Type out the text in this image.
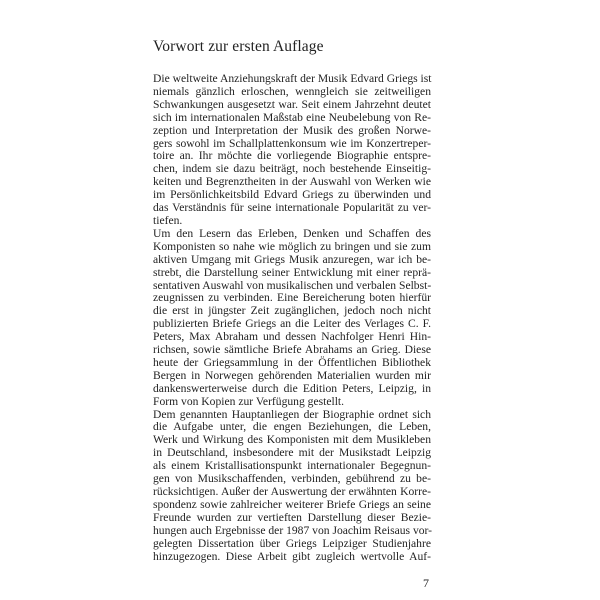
Vorwort zur ersten Auflage
Die weltweite Anziehungskraft der Musik Edvard Griegs ist
niemals gänzlich erloschen, wenngleich sie zeitweiligen
Schwankungen ausgesetzt war. Seit einem Jahrzehnt deutet
sich im internationalen Maßstab eine Neubelebung von Re-
zeption und Interpretation der Musik des großen Norwe-
gers sowohl im Schallplattenkonsum wie im Konzertreper-
toire an. Ihr möchte die vorliegende Biographie entspre-
chen, indem sie dazu beiträgt, noch bestehende Einseitig-
keiten und Begrenztheiten in der Auswahl von Werken wie
im Persönlichkeitsbild Edvard Griegs zu überwinden und
das Verständnis für seine internationale Popularität zu ver-
tiefen.
Um den Lesern das Erleben, Denken und Schaffen des
Komponisten so nahe wie möglich zu bringen und sie zum
aktiven Umgang mit Griegs Musik anzuregen, war ich be-
strebt, die Darstellung seiner Entwicklung mit einer reprä-
sentativen Auswahl von musikalischen und verbalen Selbst-
zeugnissen zu verbinden. Eine Bereicherung boten hierfür
die erst in jüngster Zeit zugänglichen, jedoch noch nicht
publizierten Briefe Griegs an die Leiter des Verlages C. F.
Peters, Max Abraham und dessen Nachfolger Henri Hin-
richsen, sowie sämtliche Briefe Abrahams an Grieg. Diese
heute der Griegsammlung in der Öffentlichen Bibliothek
Bergen in Norwegen gehörenden Materialien wurden mir
dankenswerterweise durch die Edition Peters, Leipzig, in
Form von Kopien zur Verfügung gestellt.
Dem genannten Hauptanliegen der Biographie ordnet sich
die Aufgabe unter, die engen Beziehungen, die Leben,
Werk und Wirkung des Komponisten mit dem Musikleben
in Deutschland, insbesondere mit der Musikstadt Leipzig
als einem Kristallisationspunkt internationaler Begegnun-
gen von Musikschaffenden, verbinden, gebührend zu be-
rücksichtigen. Außer der Auswertung der erwähnten Korre-
spondenz sowie zahlreicher weiterer Briefe Griegs an seine
Freunde wurden zur vertieften Darstellung dieser Bezie-
hungen auch Ergebnisse der 1987 von Joachim Reisaus vor-
gelegten Dissertation über Griegs Leipziger Studienjahre
hinzugezogen. Diese Arbeit gibt zugleich wertvolle Auf-
7
